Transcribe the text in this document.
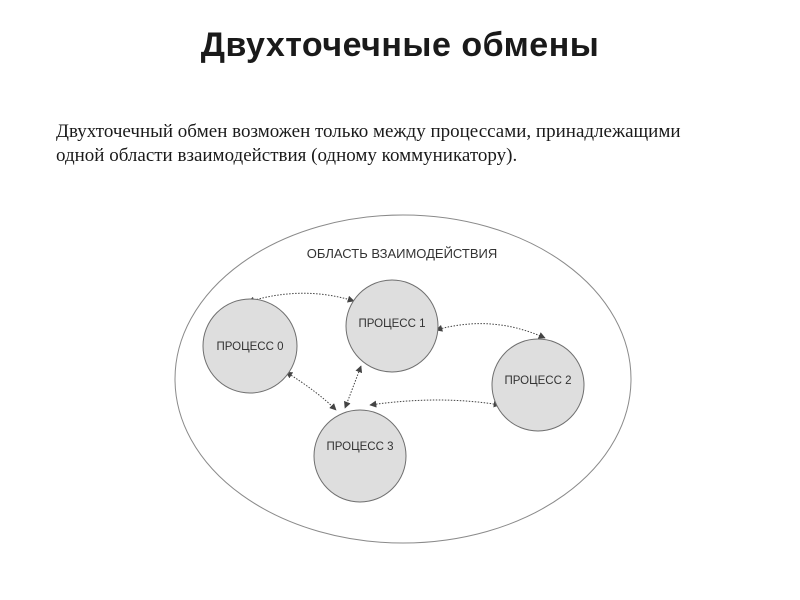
Двухточечные обмены

Двухточечный обмен возможен только между процессами, принадлежащими одной области взаимодействия (одному коммуникатору).

ОБЛАСТЬ ВЗАИМОДЕЙСТВИЯ
ПРОЦЕСС 0
ПРОЦЕСС 1
ПРОЦЕСС 2
ПРОЦЕСС 3
